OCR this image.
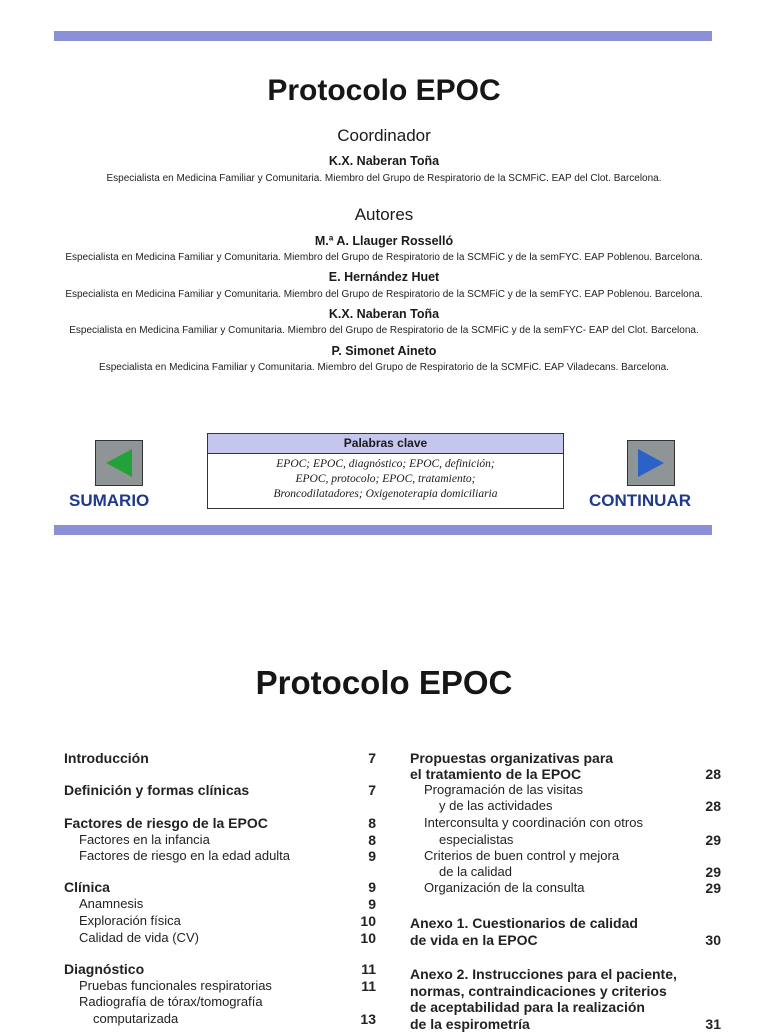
Protocolo EPOC
Coordinador
K.X. Naberan Toña
Especialista en Medicina Familiar y Comunitaria. Miembro del Grupo de Respiratorio de la SCMFiC. EAP del Clot. Barcelona.
Autores
M.ª A. Llauger Rosselló
Especialista en Medicina Familiar y Comunitaria. Miembro del Grupo de Respiratorio de la SCMFiC y de la semFYC. EAP Poblenou. Barcelona.
E. Hernández Huet
Especialista en Medicina Familiar y Comunitaria. Miembro del Grupo de Respiratorio de la SCMFiC y de la semFYC. EAP Poblenou. Barcelona.
K.X. Naberan Toña
Especialista en Medicina Familiar y Comunitaria. Miembro del Grupo de Respiratorio de la SCMFiC y de la semFYC- EAP del Clot. Barcelona.
P. Simonet Aineto
Especialista en Medicina Familiar y Comunitaria. Miembro del Grupo de Respiratorio de la SCMFiC. EAP Viladecans. Barcelona.
SUMARIO
Palabras clave
EPOC; EPOC, diagnóstico; EPOC, definición;
EPOC, protocolo; EPOC, tratamiento;
Broncodilatadores; Oxigenoterapia domiciliaria	CONTINUAR
Protocolo EPOC
Introducción	7
Definición y formas clínicas	7
Factores de riesgo de la EPOC	8
Factores en la infancia	8
Factores de riesgo en la edad adulta	9
Clínica	9
Anamnesis	9
Exploración física	10
Calidad de vida (CV)	10
Diagnóstico	11
Pruebas funcionales respiratorias	11
Radiografía de tórax/tomografía
computarizada	13
Propuestas organizativas para
el tratamiento de la EPOC	28
Programación de las visitas
y de las actividades	28
Interconsulta y coordinación con otros
especialistas	29
Criterios de buen control y mejora
de la calidad	29
Organización de la consulta	29
Anexo 1. Cuestionarios de calidad
de vida en la EPOC	30
Anexo 2. Instrucciones para el paciente,
normas, contraindicaciones y criterios
de aceptabilidad para la realización
de la espirometría	31
